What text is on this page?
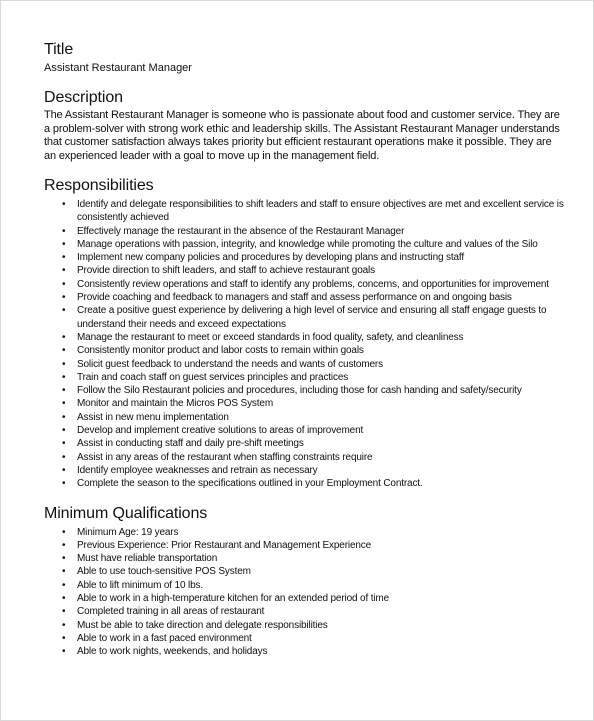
Title
Assistant Restaurant Manager
Description

The Assistant Restaurant Manager is someone who is passionate about food and customer service. They are a problem-solver with strong work ethic and leadership skills. The Assistant Restaurant Manager understands that customer satisfaction always takes priority but efficient restaurant operations make it possible. They are an experienced leader with a goal to move up in the management field.

Responsibilities
• Identify and delegate responsibilities to shift leaders and staff to ensure objectives are met and excellent service is consistently achieved
• Effectively manage the restaurant in the absence of the Restaurant Manager
• Manage operations with passion, integrity, and knowledge while promoting the culture and values of the Silo
• Implement new company policies and procedures by developing plans and instructing staff
• Provide direction to shift leaders, and staff to achieve restaurant goals
• Consistently review operations and staff to identify any problems, concerns, and opportunities for improvement
• Provide coaching and feedback to managers and staff and assess performance on and ongoing basis
• Create a positive guest experience by delivering a high level of service and ensuring all staff engage guests to understand their needs and exceed expectations
• Manage the restaurant to meet or exceed standards in food quality, safety, and cleanliness
• Consistently monitor product and labor costs to remain within goals
• Solicit guest feedback to understand the needs and wants of customers
• Train and coach staff on guest services principles and practices
• Follow the Silo Restaurant policies and procedures, including those for cash handing and safety/security
• Monitor and maintain the Micros POS System
• Assist in new menu implementation
• Develop and implement creative solutions to areas of improvement
• Assist in conducting staff and daily pre-shift meetings
• Assist in any areas of the restaurant when staffing constraints require
• Identify employee weaknesses and retrain as necessary
• Complete the season to the specifications outlined in your Employment Contract.
Minimum Qualifications
• Minimum Age: 19 years
• Previous Experience: Prior Restaurant and Management Experience
• Must have reliable transportation
• Able to use touch-sensitive POS System
• Able to lift minimum of 10 lbs.
• Able to work in a high-temperature kitchen for an extended period of time
• Completed training in all areas of restaurant
• Must be able to take direction and delegate responsibilities
• Able to work in a fast paced environment
• Able to work nights, weekends, and holidays
